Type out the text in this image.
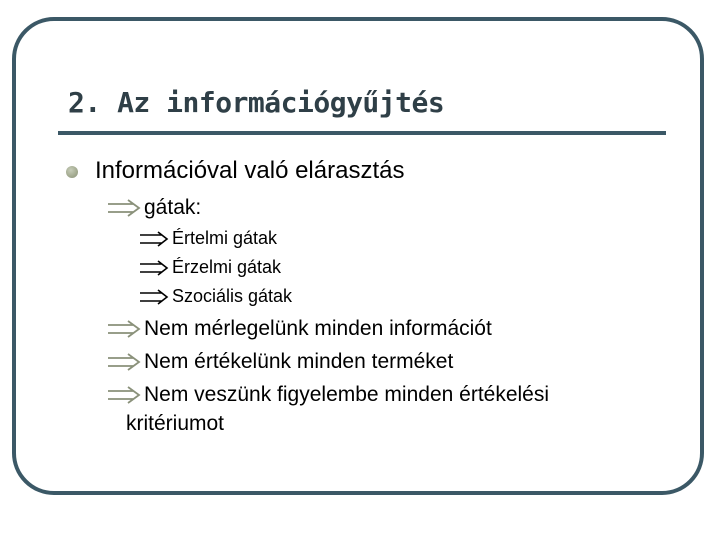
2. Az információgyűjtés
Információval való elárasztás
gátak:
Értelmi gátak
Érzelmi gátak
Szociális gátak
Nem mérlegelünk minden információt
Nem értékelünk minden terméket
Nem veszünk figyelembe minden értékelési
kritériumot
